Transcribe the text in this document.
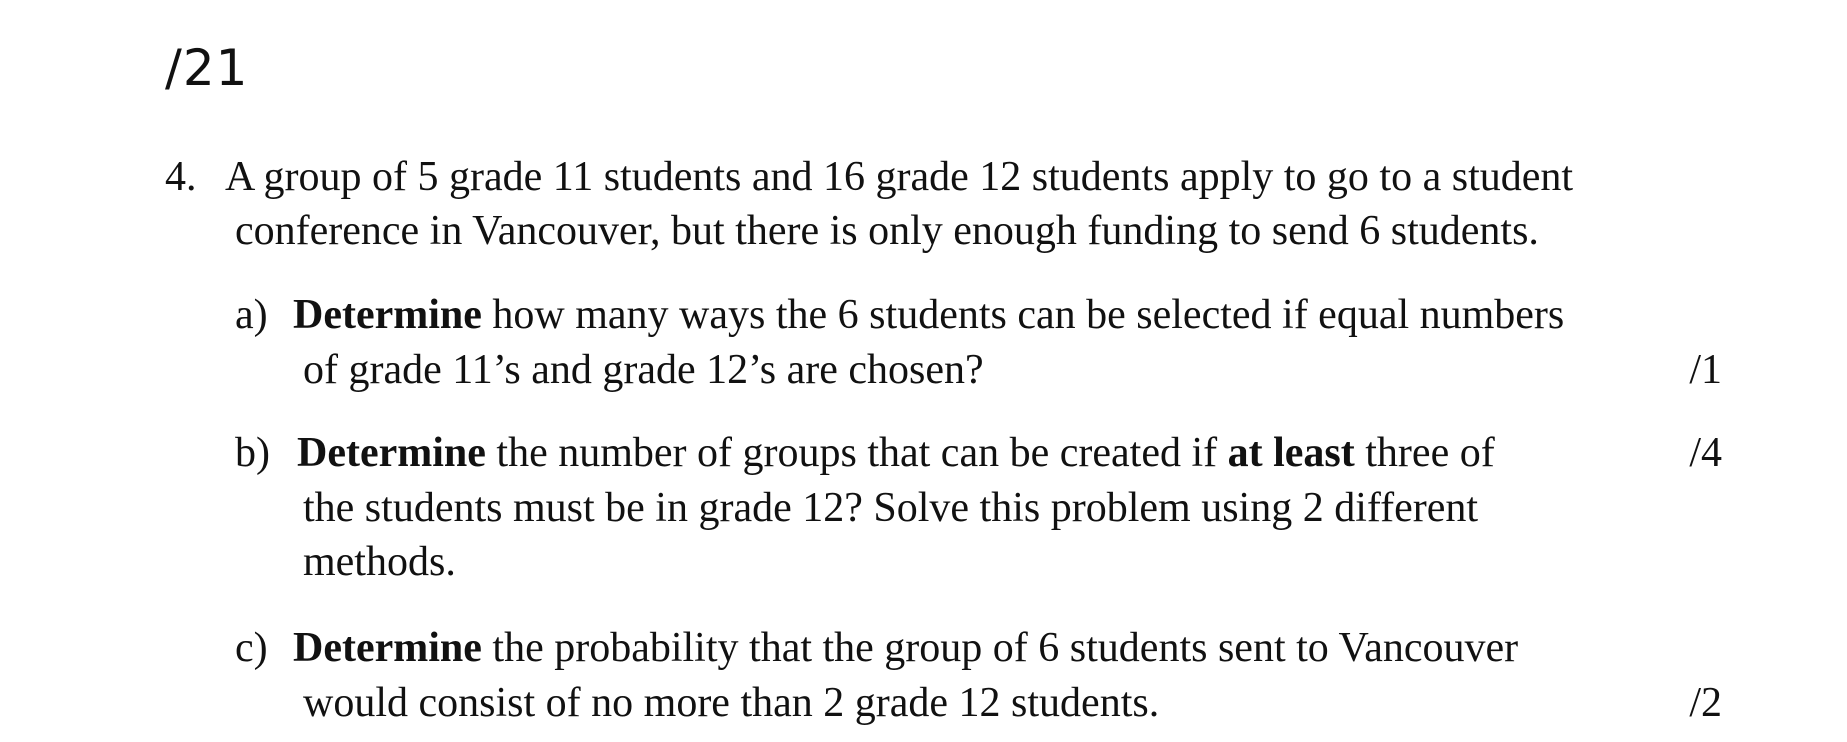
/21
4. A group of 5 grade 11 students and 16 grade 12 students apply to go to a student
conference in Vancouver, but there is only enough funding to send 6 students.
a) Determine how many ways the 6 students can be selected if equal numbers
of grade 11’s and grade 12’s are chosen?	/1
b) Determine the number of groups that can be created if at least three of	/4
the students must be in grade 12? Solve this problem using 2 different
methods.
c) Determine the probability that the group of 6 students sent to Vancouver
would consist of no more than 2 grade 12 students.	/2
